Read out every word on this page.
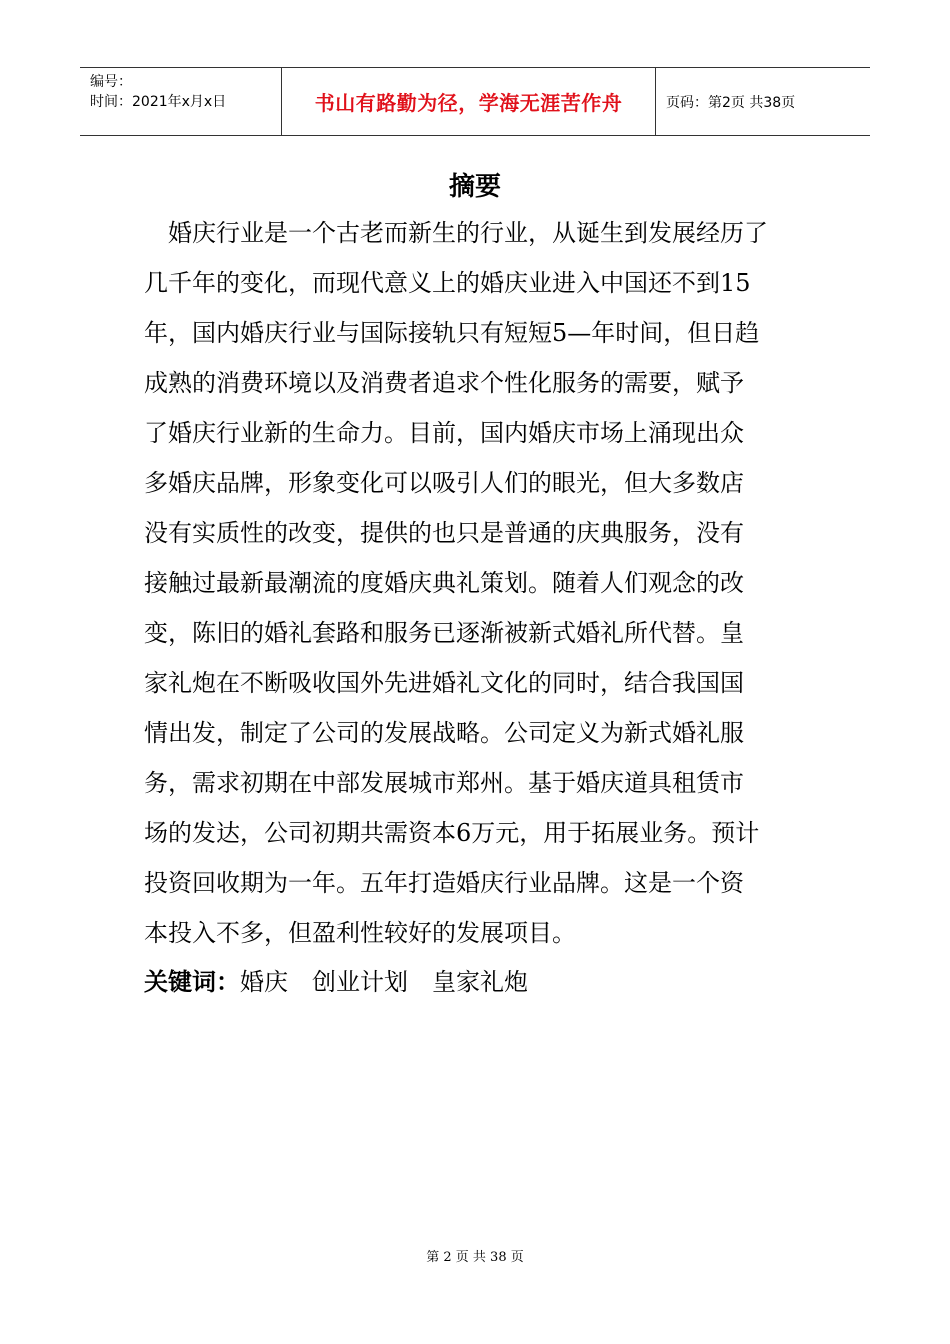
编号：
时间：2021年x月x日	书山有路勤为径，学海无涯苦作舟	页码：第2页 共38页
摘要
婚庆行业是一个古老而新生的行业，从诞生到发展经历了
几千年的变化，而现代意义上的婚庆业进入中国还不到15
年，国内婚庆行业与国际接轨只有短短5—年时间，但日趋
成熟的消费环境以及消费者追求个性化服务的需要，赋予
了婚庆行业新的生命力。目前，国内婚庆市场上涌现出众
多婚庆品牌，形象变化可以吸引人们的眼光，但大多数店
没有实质性的改变，提供的也只是普通的庆典服务，没有
接触过最新最潮流的度婚庆典礼策划。随着人们观念的改
变，陈旧的婚礼套路和服务已逐渐被新式婚礼所代替。皇
家礼炮在不断吸收国外先进婚礼文化的同时，结合我国国
情出发，制定了公司的发展战略。公司定义为新式婚礼服
务，需求初期在中部发展城市郑州。基于婚庆道具租赁市
场的发达，公司初期共需资本6万元，用于拓展业务。预计
投资回收期为一年。五年打造婚庆行业品牌。这是一个资
本投入不多，但盈利性较好的发展项目。
关键词：婚庆 创业计划 皇家礼炮
第 2 页 共 38 页
